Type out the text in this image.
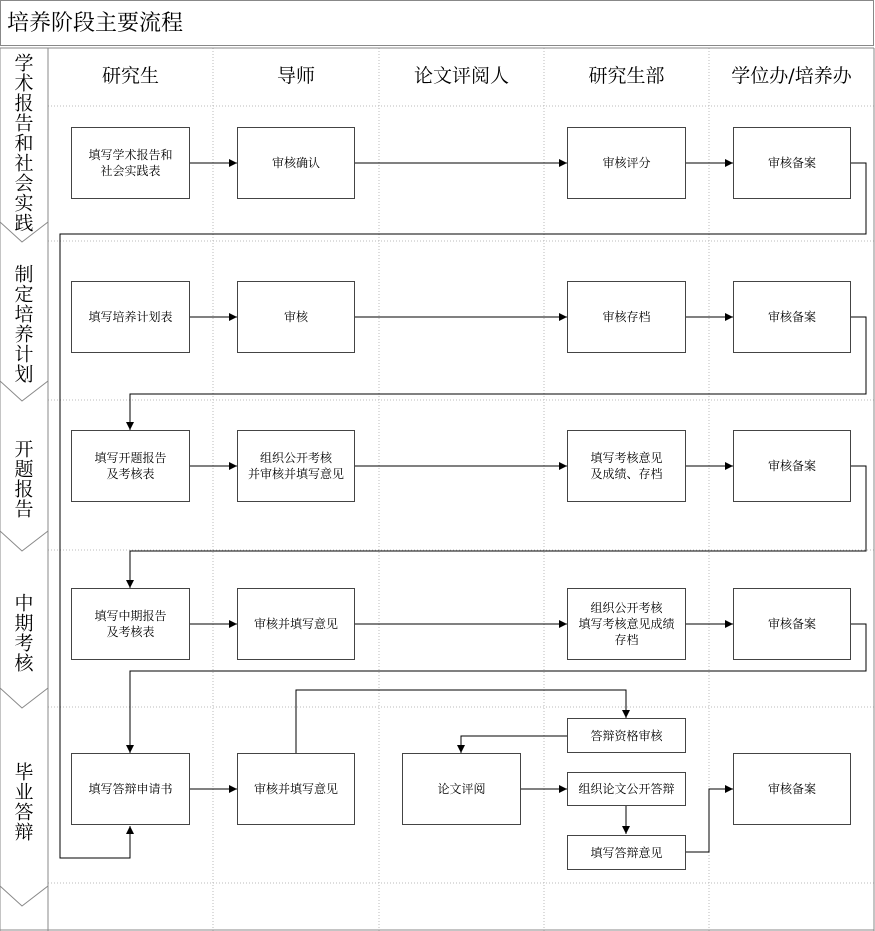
培养阶段主要流程
研究生	导师	论文评阅人	研究生部	学位办/培养办
学术报告和社会实践
制定培养计划
开题报告
中期考核
毕业答辩
填写学术报告和
社会实践表
审核确认	审核评分	审核备案
填写培养计划表	审核	审核存档	审核备案
填写开题报告
及考核表
组织公开考核
并审核并填写意见
填写考核意见
及成绩、存档
审核备案
填写中期报告
及考核表
审核并填写意见
组织公开考核
填写考核意见成绩
存档
审核备案
填写答辩申请书	审核并填写意见	论文评阅
答辩资格审核
组织论文公开答辩
填写答辩意见
审核备案
